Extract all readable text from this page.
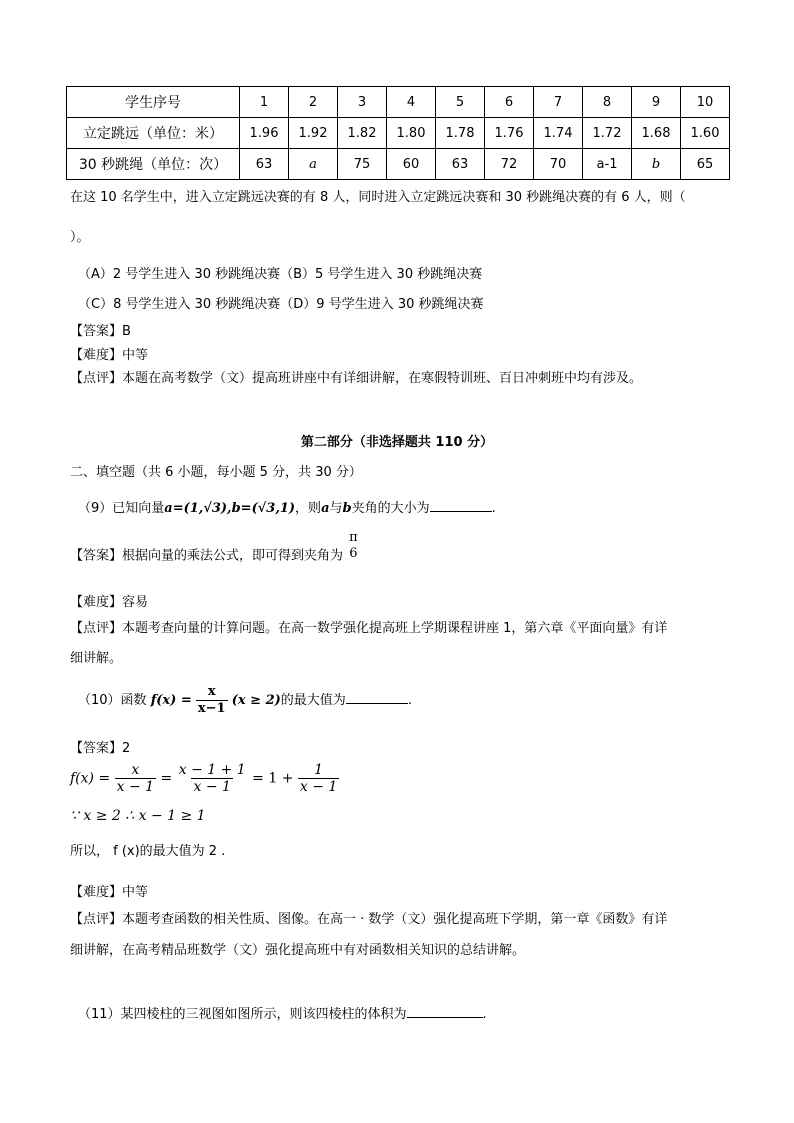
学生序号	1	2	3	4	5	6	7	8	9	10
立定跳远（单位：米）	1.96	1.92	1.82	1.80	1.78	1.76	1.74	1.72	1.68	1.60
30 秒跳绳（单位：次）	63	a	75	60	63	72	70	a-1	b	65
在这 10 名学生中，进入立定跳远决赛的有 8 人，同时进入立定跳远决赛和 30 秒跳绳决赛的有 6 人，则（
）。
（A）2 号学生进入 30 秒跳绳决赛（B）5 号学生进入 30 秒跳绳决赛
（C）8 号学生进入 30 秒跳绳决赛（D）9 号学生进入 30 秒跳绳决赛
【答案】B
【难度】中等
【点评】本题在高考数学（文）提高班讲座中有详细讲解，在寒假特训班、百日冲刺班中均有涉及。
第二部分（非选择题共 110 分）
二、填空题（共 6 小题，每小题 5 分，共 30 分）
（9）已知向量a=(1,√3),b=(√3,1)，则a与b夹角的大小为	.
【答案】根据向量的乘法公式，即可得到夹角为
π
6
【难度】容易
【点评】本题考查向量的计算问题。在高一数学强化提高班上学期课程讲座 1，第六章《平面向量》有详
细讲解。
（10）函数 $f(x) = \frac{x}{x-1} (x \ge 2)$的最大值为	.
【答案】2
$f(x) = \frac{x}{x - 1} = \frac{x - 1 + 1}{x - 1} = 1 + \frac{1}{x - 1}$
∵ x ≥ 2 ∴ x − 1 ≥ 1
所以， f (x)的最大值为 2 .
【难度】中等
【点评】本题考查函数的相关性质、图像。在高一 · 数学（文）强化提高班下学期，第一章《函数》有详
细讲解，在高考精品班数学（文）强化提高班中有对函数相关知识的总结讲解。
（11）某四棱柱的三视图如图所示，则该四棱柱的体积为	.
